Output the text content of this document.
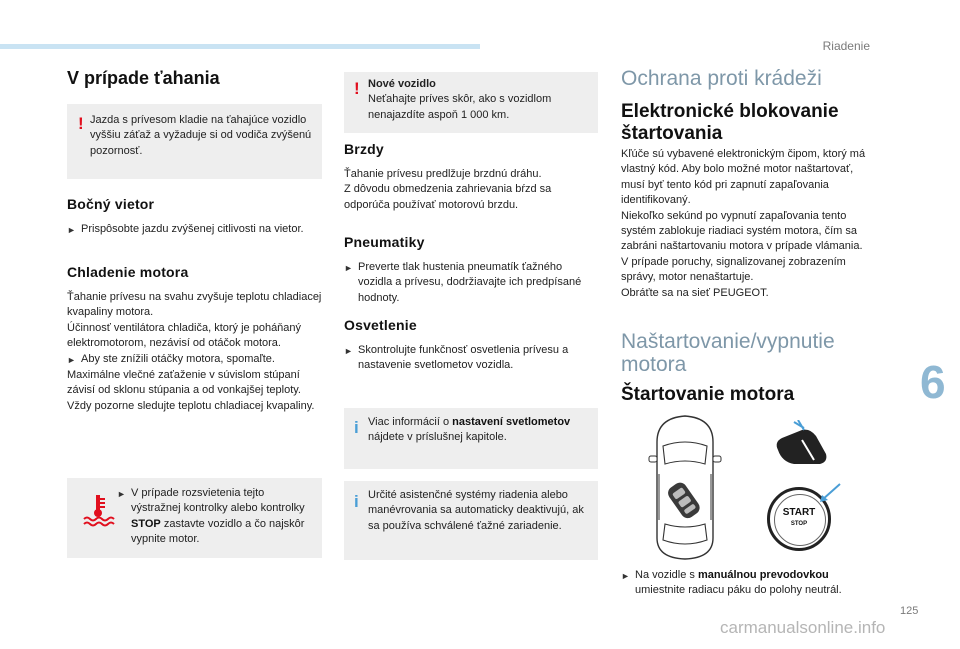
Riadenie
6
125
V prípade ťahania
! Jazda s prívesom kladie na ťahajúce vozidlo vyššiu záťaž a vyžaduje si od vodiča zvýšenú pozornosť.
Bočný vietor
► Prispôsobte jazdu zvýšenej citlivosti na vietor.
Chladenie motora
Ťahanie prívesu na svahu zvyšuje teplotu chladiacej kvapaliny motora.
Účinnosť ventilátora chladiča, ktorý je poháňaný elektromotorom, nezávisí od otáčok motora.
► Aby ste znížili otáčky motora, spomaľte.
Maximálne vlečné zaťaženie v súvislom stúpaní závisí od sklonu stúpania a od vonkajšej teploty.
Vždy pozorne sledujte teplotu chladiacej kvapaliny.
► V prípade rozsvietenia tejto výstražnej kontrolky alebo kontrolky STOP zastavte vozidlo a čo najskôr vypnite motor.
! Nové vozidlo
Neťahajte príves skôr, ako s vozidlom nenajazdíte aspoň 1 000 km.
Brzdy
Ťahanie prívesu predlžuje brzdnú dráhu.
Z dôvodu obmedzenia zahrievania bŕzd sa odporúča používať motorovú brzdu.
Pneumatiky
► Preverte tlak hustenia pneumatík ťažného vozidla a prívesu, dodržiavajte ich predpísané hodnoty.
Osvetlenie
► Skontrolujte funkčnosť osvetlenia prívesu a nastavenie svetlometov vozidla.
i Viac informácií o nastavení svetlometov nájdete v príslušnej kapitole.
i Určité asistenčné systémy riadenia alebo manévrovania sa automaticky deaktivujú, ak sa používa schválené ťažné zariadenie.
Ochrana proti krádeži
Elektronické blokovanie štartovania
Kľúče sú vybavené elektronickým čipom, ktorý má vlastný kód. Aby bolo možné motor naštartovať, musí byť tento kód pri zapnutí zapaľovania identifikovaný.
Niekoľko sekúnd po vypnutí zapaľovania tento systém zablokuje riadiaci systém motora, čím sa zabráni naštartovaniu motora v prípade vlámania.
V prípade poruchy, signalizovanej zobrazením správy, motor nenaštartuje.
Obráťte sa na sieť PEUGEOT.
Naštartovanie/vypnutie motora
Štartovanie motora
START
STOP
► Na vozidle s manuálnou prevodovkou umiestnite radiacu páku do polohy neutrál.
carmanualsonline.info
